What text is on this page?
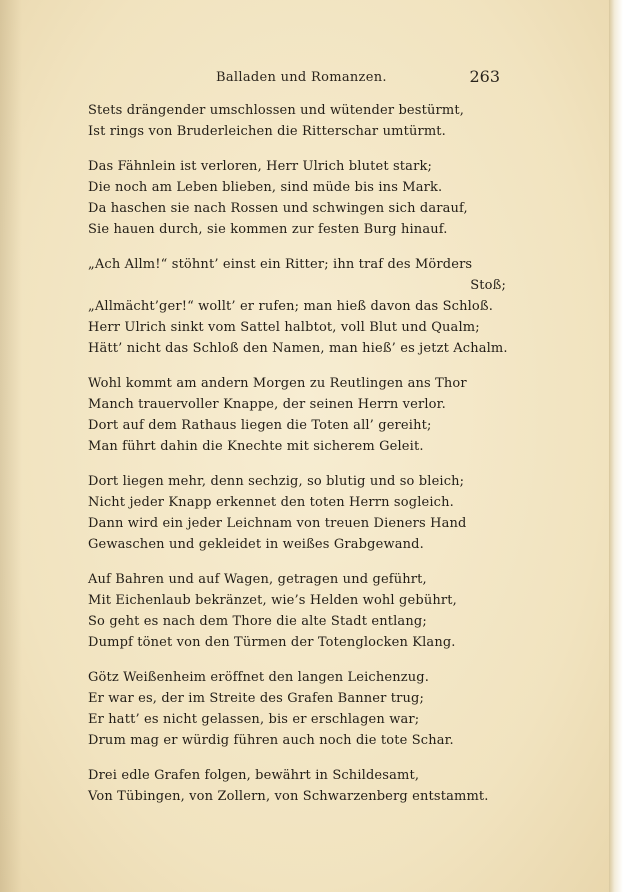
Balladen und Romanzen.	263
Stets drängender umschlossen und wütender bestürmt,
Ist rings von Bruderleichen die Ritterschar umtürmt.
Das Fähnlein ist verloren, Herr Ulrich blutet stark;
Die noch am Leben blieben, sind müde bis ins Mark.
Da haschen sie nach Rossen und schwingen sich darauf,
Sie hauen durch, sie kommen zur festen Burg hinauf.
„Ach Allm!“ stöhnt’ einst ein Ritter; ihn traf des Mörders
Stoß;
„Allmächt’ger!“ wollt’ er rufen; man hieß davon das Schloß.
Herr Ulrich sinkt vom Sattel halbtot, voll Blut und Qualm;
Hätt’ nicht das Schloß den Namen, man hieß’ es jetzt Achalm.
Wohl kommt am andern Morgen zu Reutlingen ans Thor
Manch trauervoller Knappe, der seinen Herrn verlor.
Dort auf dem Rathaus liegen die Toten all’ gereiht;
Man führt dahin die Knechte mit sicherem Geleit.
Dort liegen mehr, denn sechzig, so blutig und so bleich;
Nicht jeder Knapp erkennet den toten Herrn sogleich.
Dann wird ein jeder Leichnam von treuen Dieners Hand
Gewaschen und gekleidet in weißes Grabgewand.
Auf Bahren und auf Wagen, getragen und geführt,
Mit Eichenlaub bekränzet, wie’s Helden wohl gebührt,
So geht es nach dem Thore die alte Stadt entlang;
Dumpf tönet von den Türmen der Totenglocken Klang.
Götz Weißenheim eröffnet den langen Leichenzug.
Er war es, der im Streite des Grafen Banner trug;
Er hatt’ es nicht gelassen, bis er erschlagen war;
Drum mag er würdig führen auch noch die tote Schar.
Drei edle Grafen folgen, bewährt in Schildesamt,
Von Tübingen, von Zollern, von Schwarzenberg entstammt.
